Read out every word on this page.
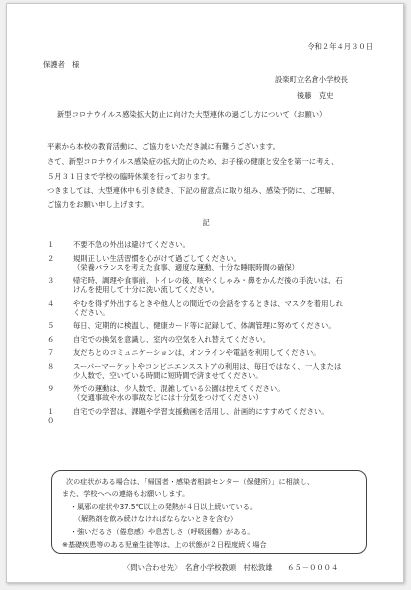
令和２年４月３０日
保護者　様
設楽町立名倉小学校長
後藤　克史
新型コロナウイルス感染拡大防止に向けた大型連休の過ごし方について（お願い）

平素から本校の教育活動に、ご協力をいただき誠に有難うございます。

さて、新型コロナウイルス感染症の拡大防止のため、お子様の健康と安全を第一に考え、

５月３１日まで学校の臨時休業を行っております。

つきましては、大型連休中も引き続き、下記の留意点に取り組み、感染予防に、ご理解、

ご協力をお願い申し上げます。

記
１	不要不急の外出は避けてください。
２	規則正しい生活習慣を心がけて過ごしてください。
（栄養バランスを考えた食事、適度な運動、十分な睡眠時間の確保）
３	帰宅時、調理や食事前、トイレの後、咳やくしゃみ・鼻をかんだ後の手洗いは、石
けんを使用して十分に洗い流してください。
４	やむを得ず外出するときや他人との間近での会話をするときは、マスクを着用しれ
ください。
５	毎日、定期的に検温し、健康カード等に記録して、体調管理に努めてください。
６	自宅での換気を意識し、室内の空気を入れ替えてください。
７	友だちとのコミュニケーションは、オンラインや電話を利用してください。
８	スーパーマーケットやコンビニエンスストアの利用は、毎日ではなく、一人または
少人数で、空いている時間に短時間で済ませてください。
９	外での運動は、少人数で、混雑している公園は控えてください。
（交通事故や水の事故などには十分気をつけてください）
１０
自宅での学習は、課題や学習支援動画を活用し、計画的にすすめてください。

次の症状がある場合は、「帰国者・感染者相談センター（保健所）」に相談し、

また、学校へへの連絡もお願いします。

・風邪の症状や37.5℃以上の発熱が４日以上続いている。

（解熱剤を飲み続けなければならないときを含む）

・強いだるさ（倦怠感）や息苦しさ（呼吸困難）がある。

※基礎疾患等のある児童生徒等は、上の状態が２日程度続く場合

〈問い合わせ先〉　名倉小学校教頭　村松敦雄　　６５－０００４
